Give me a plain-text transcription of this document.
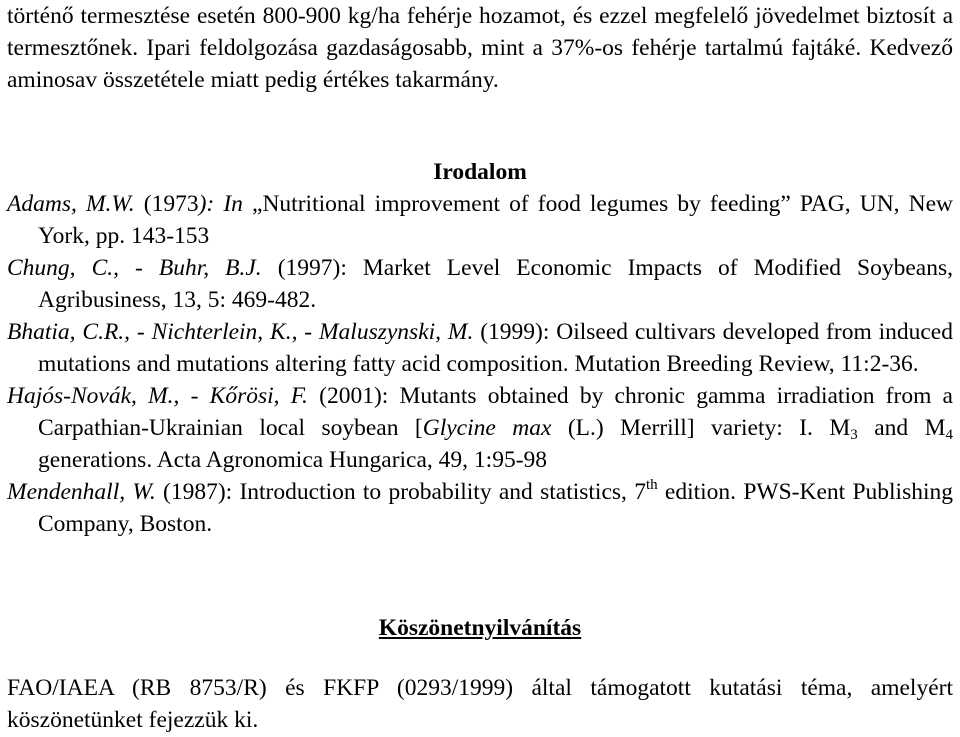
történő termesztése esetén 800-900 kg/ha fehérje hozamot, és ezzel megfelelő jövedelmet biztosít a termesztőnek. Ipari feldolgozása gazdaságosabb, mint a 37%-os fehérje tartalmú fajtáké. Kedvező aminosav összetétele miatt pedig értékes takarmány.

Irodalom

Adams, M.W. (1973): In „Nutritional improvement of food legumes by feeding” PAG, UN, New York, pp. 143-153

Chung, C., - Buhr, B.J. (1997): Market Level Economic Impacts of Modified Soybeans, Agribusiness, 13, 5: 469-482.

Bhatia, C.R., - Nichterlein, K., - Maluszynski, M. (1999): Oilseed cultivars developed from induced mutations and mutations altering fatty acid composition. Mutation Breeding Review, 11:2-36.

Hajós-Novák, M., - Kőrösi, F. (2001): Mutants obtained by chronic gamma irradiation from a Carpathian-Ukrainian local soybean [Glycine max (L.) Merrill] variety: I. $M_3$ and $M_4$ generations. Acta Agronomica Hungarica, 49, 1:95-98

Mendenhall, W. (1987): Introduction to probability and statistics, 7th edition. PWS-Kent Publishing Company, Boston.

Köszönetnyilvánítás

FAO/IAEA (RB 8753/R) és FKFP (0293/1999) által támogatott kutatási téma, amelyért köszönetünket fejezzük ki.
